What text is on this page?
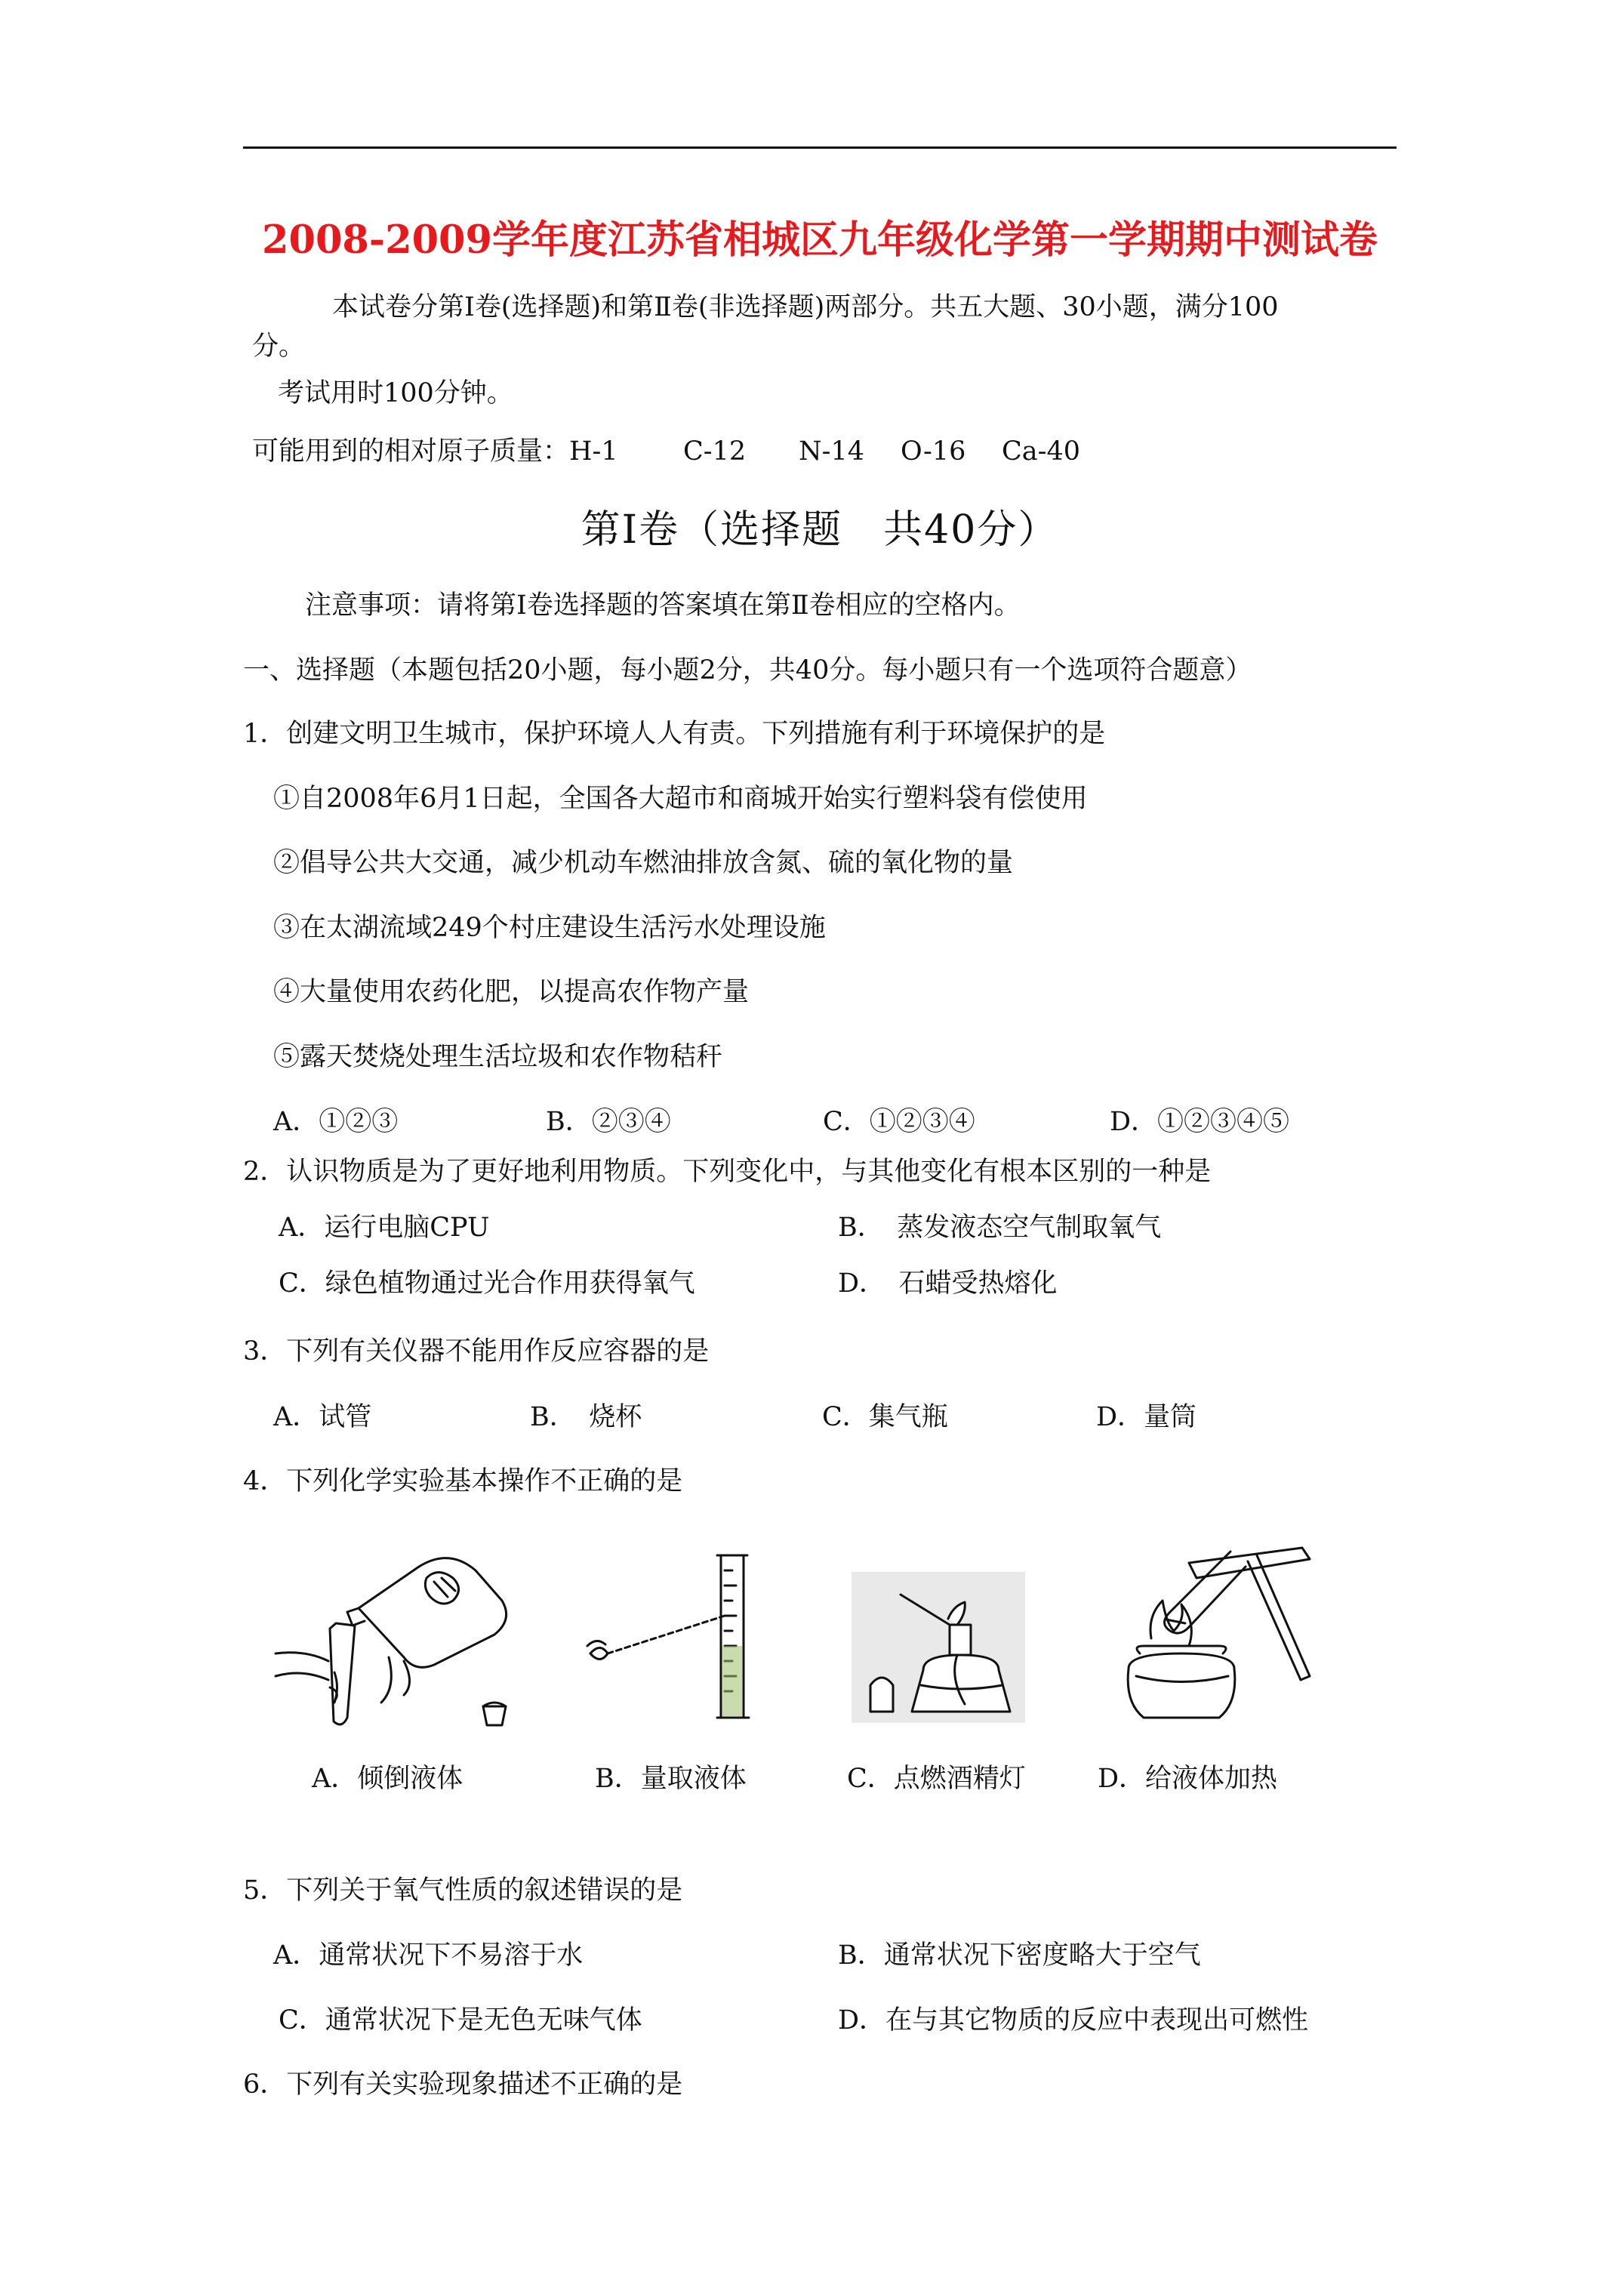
2008-2009学年度江苏省相城区九年级化学第一学期期中测试卷
本试卷分第Ⅰ卷(选择题)和第Ⅱ卷(非选择题)两部分。共五大题、30小题，满分100
分。
考试用时100分钟。
可能用到的相对原子质量：H-1 C-12 N-14 O-16 Ca-40
第Ⅰ卷（选择题　共40分）
注意事项：请将第Ⅰ卷选择题的答案填在第Ⅱ卷相应的空格内。
一、选择题（本题包括20小题，每小题2分，共40分。每小题只有一个选项符合题意）
1．创建文明卫生城市，保护环境人人有责。下列措施有利于环境保护的是
①自2008年6月1日起，全国各大超市和商城开始实行塑料袋有偿使用
②倡导公共大交通，减少机动车燃油排放含氮、硫的氧化物的量
③在太湖流域249个村庄建设生活污水处理设施
④大量使用农药化肥，以提高农作物产量
⑤露天焚烧处理生活垃圾和农作物秸秆
A．①②③	B．②③④	C．①②③④	D．①②③④⑤
2．认识物质是为了更好地利用物质。下列变化中，与其他变化有根本区别的一种是
A．运行电脑CPU	B．　蒸发液态空气制取氧气
C．绿色植物通过光合作用获得氧气	D．　石蜡受热熔化
3．下列有关仪器不能用作反应容器的是
A．试管	B．　烧杯	C．集气瓶	D．量筒
4．下列化学实验基本操作不正确的是
A．倾倒液体	B．量取液体	C．点燃酒精灯	D．给液体加热
5．下列关于氧气性质的叙述错误的是
A．通常状况下不易溶于水	B．通常状况下密度略大于空气
C．通常状况下是无色无味气体	D．在与其它物质的反应中表现出可燃性
6．下列有关实验现象描述不正确的是
